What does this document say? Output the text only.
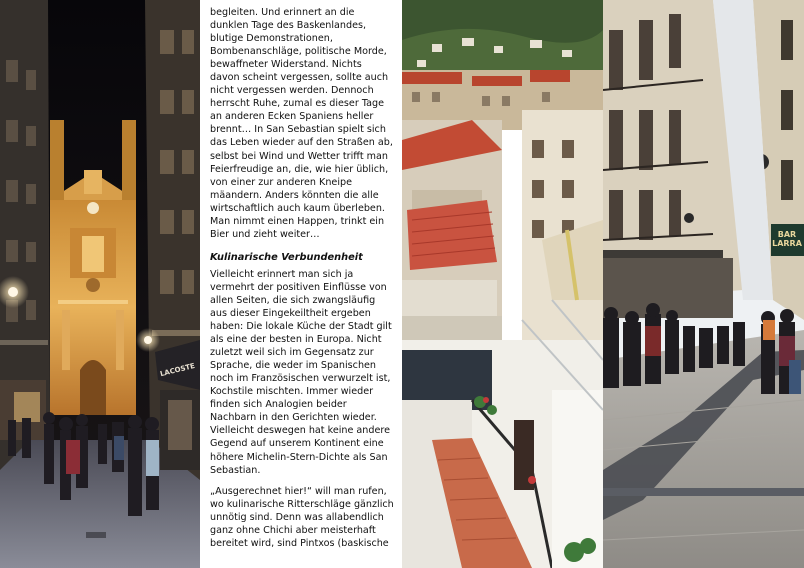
LACOSTE

begleiten. Und erinnert an die dunklen Tage des Baskenlandes, blutige Demonstrationen, Bombenanschläge, politische Morde, bewaffneter Widerstand. Nichts davon scheint vergessen, sollte auch nicht vergessen werden. Dennoch herrscht Ruhe, zumal es dieser Tage an anderen Ecken Spaniens heller brennt… In San Sebastian spielt sich das Leben wieder auf den Straßen ab, selbst bei Wind und Wetter trifft man Feierfreudige an, die, wie hier üblich, von einer zur anderen Kneipe mäandern. Anders könnten die alle wirtschaftlich auch kaum überleben. Man nimmt einen Happen, trinkt ein Bier und zieht weiter…

Kulinarische Verbundenheit

Vielleicht erinnert man sich ja vermehrt der positiven Einflüsse von allen Seiten, die sich zwangsläufig aus dieser Eingekeiltheit ergeben haben: Die lokale Küche der Stadt gilt als eine der besten in Europa. Nicht zuletzt weil sich im Gegensatz zur Sprache, die weder im Spanischen noch im Französischen verwurzelt ist, Kochstile mischten. Immer wieder finden sich Analogien beider Nachbarn in den Gerichten wieder. Vielleicht deswegen hat keine andere Gegend auf unserem Kontinent eine höhere Michelin-Stern-Dichte als San Sebastian.

„Ausgerechnet hier!“ will man rufen, wo kulinarische Ritterschläge gänzlich unnötig sind. Denn was allabendlich ganz ohne Chichi aber meisterhaft bereitet wird, sind Pintxos (baskische

BAR LARRA
